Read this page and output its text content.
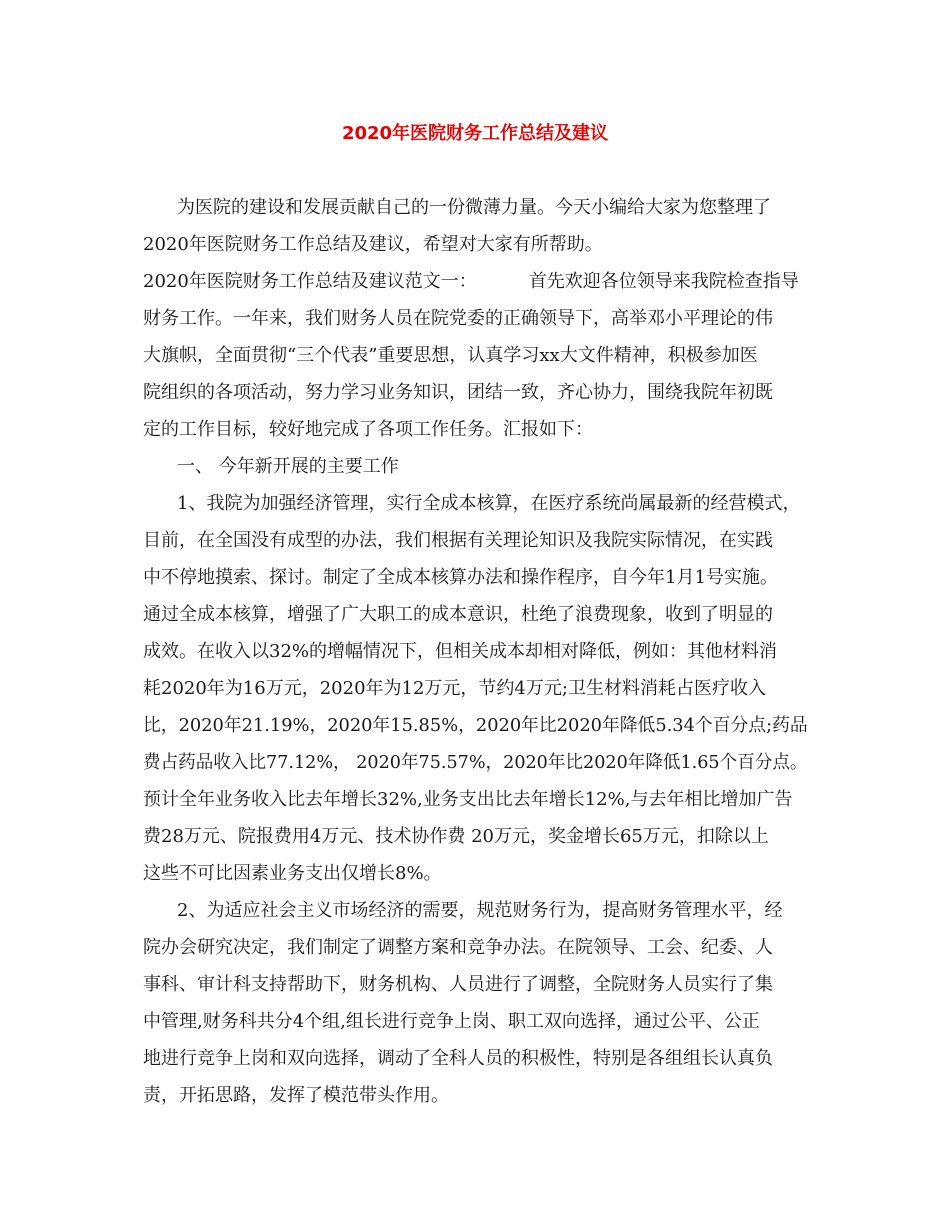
2020年医院财务工作总结及建议
为医院的建设和发展贡献自己的一份微薄力量。今天小编给大家为您整理了
2020年医院财务工作总结及建议，希望对大家有所帮助。
2020年医院财务工作总结及建议范文一：	首先欢迎各位领导来我院检查指导
财务工作。一年来，我们财务人员在院党委的正确领导下，高举邓小平理论的伟
大旗帜，全面贯彻“三个代表”重要思想，认真学习xx大文件精神，积极参加医
院组织的各项活动，努力学习业务知识，团结一致，齐心协力，围绕我院年初既
定的工作目标，较好地完成了各项工作任务。汇报如下：
一、 今年新开展的主要工作
1、我院为加强经济管理，实行全成本核算，在医疗系统尚属最新的经营模式，
目前，在全国没有成型的办法，我们根据有关理论知识及我院实际情况，在实践
中不停地摸索、探讨。制定了全成本核算办法和操作程序，自今年1月1号实施。
通过全成本核算，增强了广大职工的成本意识，杜绝了浪费现象，收到了明显的
成效。在收入以32%的增幅情况下，但相关成本却相对降低，例如：其他材料消
耗2020年为16万元，2020年为12万元，节约4万元;卫生材料消耗占医疗收入
比，2020年21.19%，2020年15.85%，2020年比2020年降低5.34个百分点;药品
费占药品收入比77.12%， 2020年75.57%，2020年比2020年降低1.65个百分点。
预计全年业务收入比去年增长32%,业务支出比去年增长12%,与去年相比增加广告
费28万元、院报费用4万元、技术协作费 20万元，奖金增长65万元，扣除以上
这些不可比因素业务支出仅增长8%。
2、为适应社会主义市场经济的需要，规范财务行为，提高财务管理水平，经
院办会研究决定，我们制定了调整方案和竞争办法。在院领导、工会、纪委、人
事科、审计科支持帮助下，财务机构、人员进行了调整，全院财务人员实行了集
中管理,财务科共分4个组,组长进行竞争上岗、职工双向选择，通过公平、公正
地进行竞争上岗和双向选择，调动了全科人员的积极性，特别是各组组长认真负
责，开拓思路，发挥了模范带头作用。
